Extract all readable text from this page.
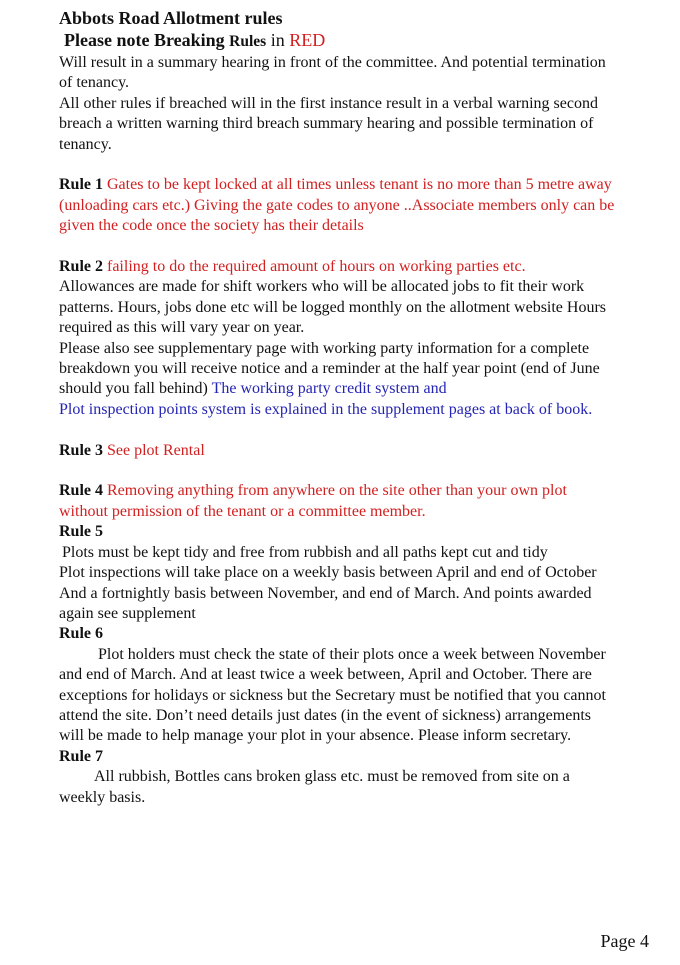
Abbots Road Allotment rules
Please note Breaking Rules in RED

Will result in a summary hearing in front of the committee. And potential termination of tenancy.

All other rules if breached will in the first instance result in a verbal warning second breach a written warning third breach summary hearing and possible termination of tenancy.

Rule 1 Gates to be kept locked at all times unless tenant is no more than 5 metre away (unloading cars etc.) Giving the gate codes to anyone ..Associate members only can be given the code once the society has their details

Rule 2 failing to do the required amount of hours on working parties etc.

Allowances are made for shift workers who will be allocated jobs to fit their work patterns. Hours, jobs done etc will be logged monthly on the allotment website Hours required as this will vary year on year.

Please also see supplementary page with working party information for a complete breakdown you will receive notice and a reminder at the half year point (end of June should you fall behind) The working party credit system and

Plot inspection points system is explained in the supplement pages at back of book.

Rule 3 See plot Rental

Rule 4 Removing anything from anywhere on the site other than your own plot without permission of the tenant or a committee member.

Rule 5

Plots must be kept tidy and free from rubbish and all paths kept cut and tidy

Plot inspections will take place on a weekly basis between April and end of October

And a fortnightly basis between November, and end of March. And points awarded again see supplement

Rule 6

Plot holders must check the state of their plots once a week between November and end of March. And at least twice a week between, April and October. There are exceptions for holidays or sickness but the Secretary must be notified that you cannot attend the site. Don’t need details just dates (in the event of sickness) arrangements will be made to help manage your plot in your absence. Please inform secretary.

Rule 7

All rubbish, Bottles cans broken glass etc. must be removed from site on a weekly basis.

Page 4
